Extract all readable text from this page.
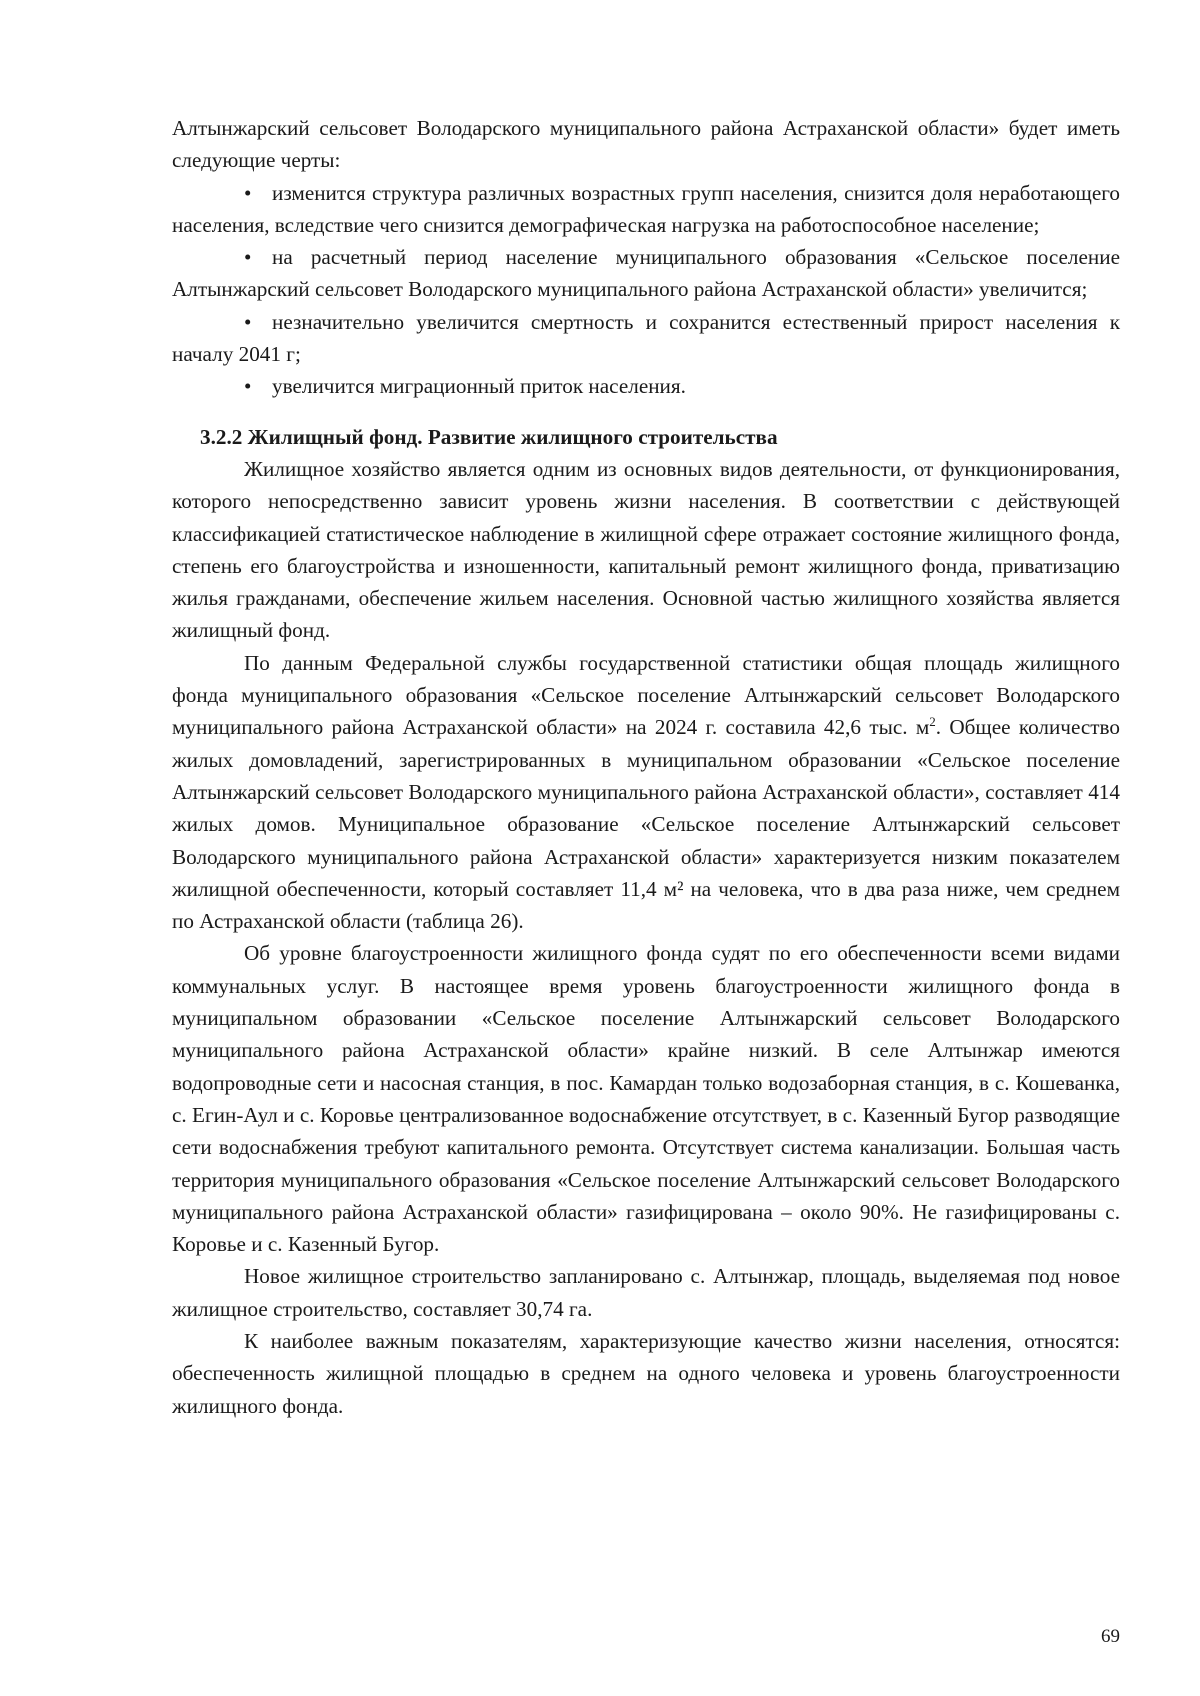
Алтынжарский сельсовет Володарского муниципального района Астраханской области» будет иметь следующие черты:

• изменится структура различных возрастных групп населения, снизится доля неработающего населения, вследствие чего снизится демографическая нагрузка на работоспособное население;
• на расчетный период население муниципального образования «Сельское поселение Алтынжарский сельсовет Володарского муниципального района Астраханской области» увеличится;
• незначительно увеличится смертность и сохранится естественный прирост населения к началу 2041 г;
• увеличится миграционный приток населения.
3.2.2 Жилищный фонд. Развитие жилищного строительства

Жилищное хозяйство является одним из основных видов деятельности, от функционирования, которого непосредственно зависит уровень жизни населения. В соответствии с действующей классификацией статистическое наблюдение в жилищной сфере отражает состояние жилищного фонда, степень его благоустройства и изношенности, капитальный ремонт жилищного фонда, приватизацию жилья гражданами, обеспечение жильем населения. Основной частью жилищного хозяйства является жилищный фонд.

По данным Федеральной службы государственной статистики общая площадь жилищного фонда муниципального образования «Сельское поселение Алтынжарский сельсовет Володарского муниципального района Астраханской области» на 2024 г. составила 42,6 тыс. $м^2$. Общее количество жилых домовладений, зарегистрированных в муниципальном образовании «Сельское поселение Алтынжарский сельсовет Володарского муниципального района Астраханской области», составляет 414 жилых домов. Муниципальное образование «Сельское поселение Алтынжарский сельсовет Володарского муниципального района Астраханской области» характеризуется низким показателем жилищной обеспеченности, который составляет 11,4 м² на человека, что в два раза ниже, чем среднем по Астраханской области (таблица 26).

Об уровне благоустроенности жилищного фонда судят по его обеспеченности всеми видами коммунальных услуг. В настоящее время уровень благоустроенности жилищного фонда в муниципальном образовании «Сельское поселение Алтынжарский сельсовет Володарского муниципального района Астраханской области» крайне низкий. В селе Алтынжар имеются водопроводные сети и насосная станция, в пос. Камардан только водозаборная станция, в с. Кошеванка, с. Егин-Аул и с. Коровье централизованное водоснабжение отсутствует, в с. Казенный Бугор разводящие сети водоснабжения требуют капитального ремонта. Отсутствует система канализации. Большая часть территория муниципального образования «Сельское поселение Алтынжарский сельсовет Володарского муниципального района Астраханской области» газифицирована – около 90%. Не газифицированы с. Коровье и с. Казенный Бугор.

Новое жилищное строительство запланировано с. Алтынжар, площадь, выделяемая под новое жилищное строительство, составляет 30,74 га.

К наиболее важным показателям, характеризующие качество жизни населения, относятся: обеспеченность жилищной площадью в среднем на одного человека и уровень благоустроенности жилищного фонда.

69
